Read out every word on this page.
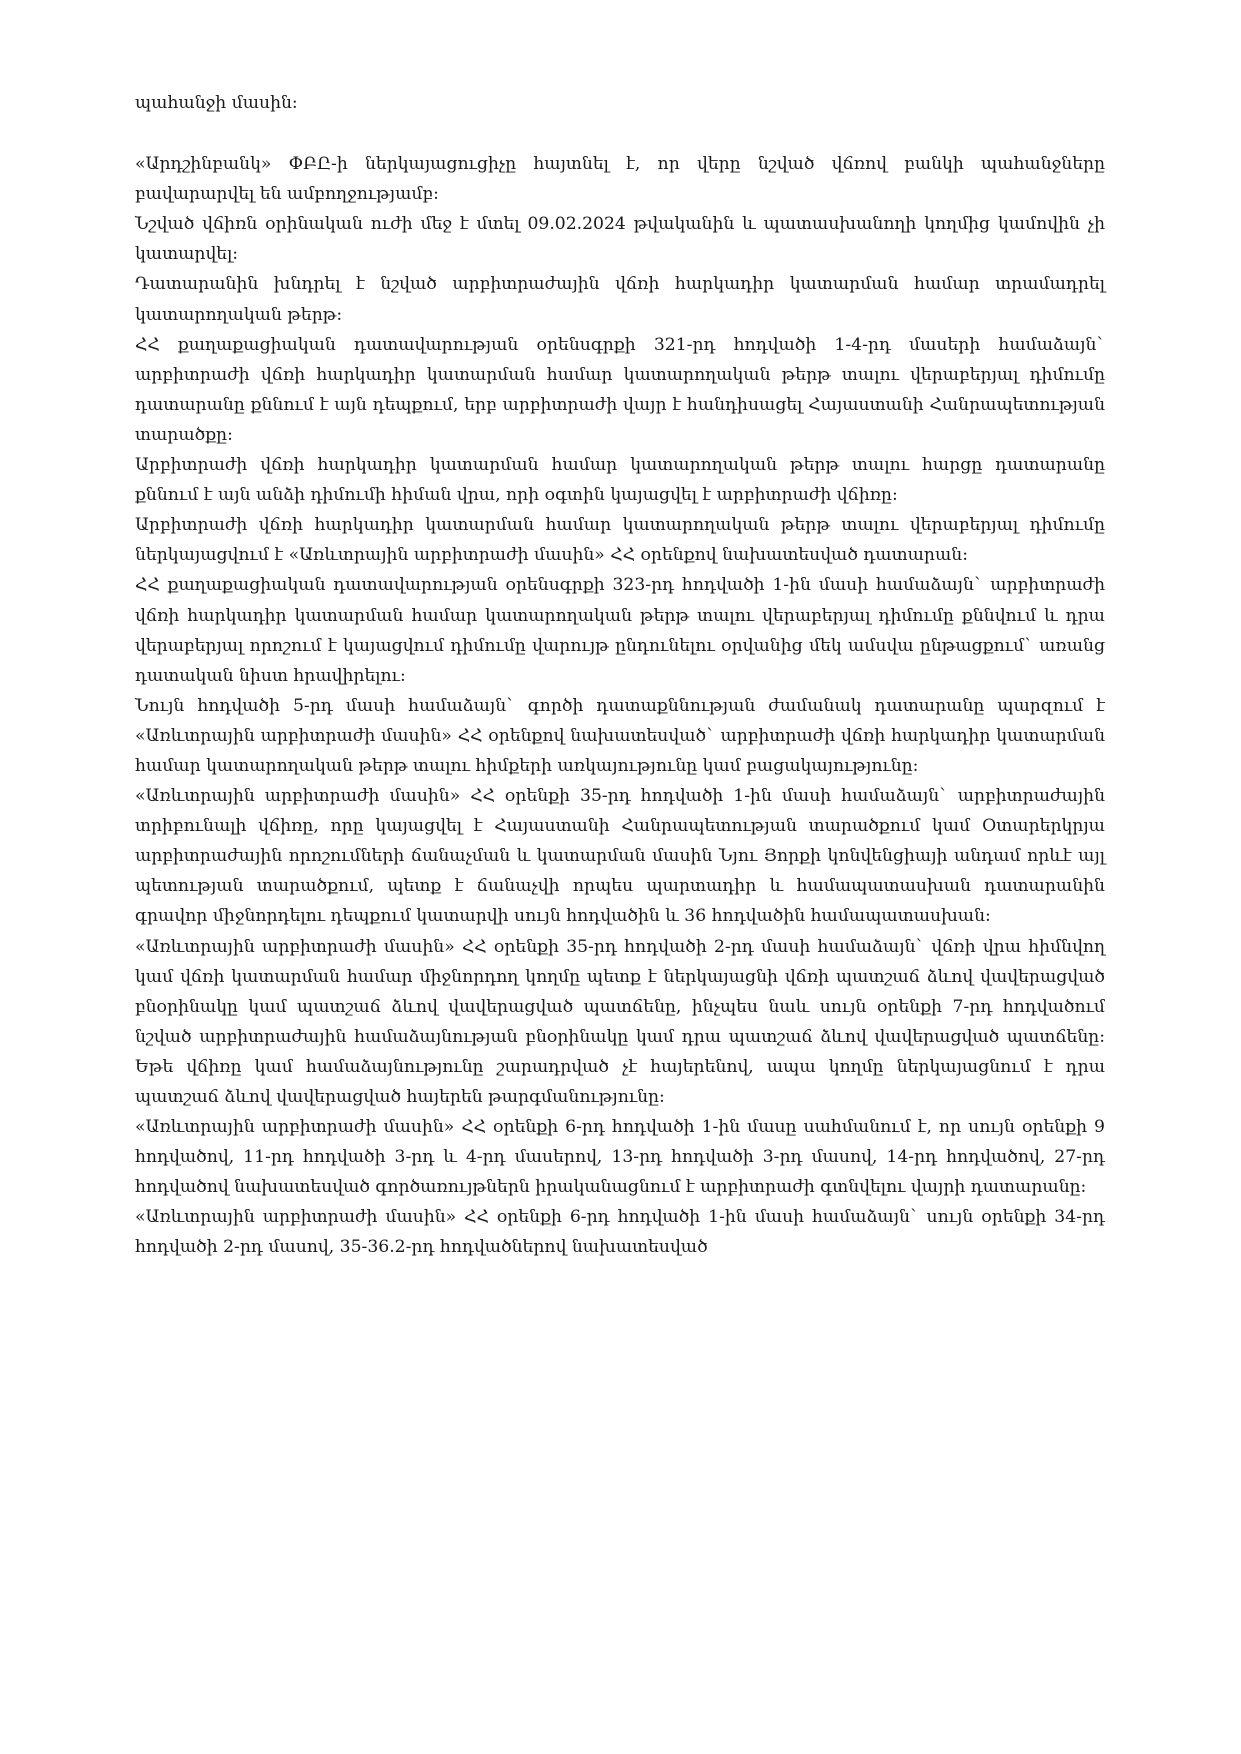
պահանջի մասին:

«Արդշինբանկ» ՓԲԸ-ի ներկայացուցիչը հայտնել է, որ վերը նշված վճռով բանկի պահանջները բավարարվել են ամբողջությամբ:

Նշված վճիռն օրինական ուժի մեջ է մտել 09.02.2024 թվականին և պատասխանողի կողմից կամովին չի կատարվել:

Դատարանին խնդրել է նշված արբիտրաժային վճռի հարկադիր կատարման համար տրամադրել կատարողական թերթ:

ՀՀ քաղաքացիական դատավարության օրենսգրքի 321-րդ հոդվածի 1-4-րդ մասերի համաձայն` արբիտրաժի վճռի հարկադիր կատարման համար կատարողական թերթ տալու վերաբերյալ դիմումը դատարանը քննում է այն դեպքում, երբ արբիտրաժի վայր է հանդիսացել Հայաստանի Հանրապետության տարածքը:

Արբիտրաժի վճռի հարկադիր կատարման համար կատարողական թերթ տալու հարցը դատարանը քննում է այն անձի դիմումի հիման վրա, որի օգտին կայացվել է արբիտրաժի վճիռը:

Արբիտրաժի վճռի հարկադիր կատարման համար կատարողական թերթ տալու վերաբերյալ դիմումը ներկայացվում է «Առևտրային արբիտրաժի մասին» ՀՀ օրենքով նախատեսված դատարան:

ՀՀ քաղաքացիական դատավարության օրենսգրքի 323-րդ հոդվածի 1-ին մասի համաձայն` արբիտրաժի վճռի հարկադիր կատարման համար կատարողական թերթ տալու վերաբերյալ դիմումը քննվում և դրա վերաբերյալ որոշում է կայացվում դիմումը վարույթ ընդունելու օրվանից մեկ ամսվա ընթացքում` առանց դատական նիստ հրավիրելու:

Նույն հոդվածի 5-րդ մասի համաձայն` գործի դատաքննության ժամանակ դատարանը պարզում է «Առևտրային արբիտրաժի մասին» ՀՀ օրենքով նախատեսված` արբիտրաժի վճռի հարկադիր կատարման համար կատարողական թերթ տալու հիմքերի առկայությունը կամ բացակայությունը:

«Առևտրային արբիտրաժի մասին» ՀՀ օրենքի 35-րդ հոդվածի 1-ին մասի համաձայն` արբիտրաժային տրիբունալի վճիռը, որը կայացվել է Հայաստանի Հանրապետության տարածքում կամ Օտարերկրյա արբիտրաժային որոշումների ճանաչման և կատարման մասին Նյու Յորքի կոնվենցիայի անդամ որևէ այլ պետության տարածքում, պետք է ճանաչվի որպես պարտադիր և համապատասխան դատարանին գրավոր միջնորդելու դեպքում կատարվի սույն հոդվածին և 36 հոդվածին համապատասխան:

«Առևտրային արբիտրաժի մասին» ՀՀ օրենքի 35-րդ հոդվածի 2-րդ մասի համաձայն` վճռի վրա հիմնվող կամ վճռի կատարման համար միջնորդող կողմը պետք է ներկայացնի վճռի պատշաճ ձևով վավերացված բնօրինակը կամ պատշաճ ձևով վավերացված պատճենը, ինչպես նաև սույն օրենքի 7-րդ հոդվածում նշված արբիտրաժային համաձայնության բնօրինակը կամ դրա պատշաճ ձևով վավերացված պատճենը: Եթե վճիռը կամ համաձայնությունը շարադրված չէ հայերենով, ապա կողմը ներկայացնում է դրա պատշաճ ձևով վավերացված հայերեն թարգմանությունը:

«Առևտրային արբիտրաժի մասին» ՀՀ օրենքի 6-րդ հոդվածի 1-ին մասը սահմանում է, որ սույն օրենքի 9 հոդվածով, 11-րդ հոդվածի 3-րդ և 4-րդ մասերով, 13-րդ հոդվածի 3-րդ մասով, 14-րդ հոդվածով, 27-րդ հոդվածով նախատեսված գործառույթներն իրականացնում է արբիտրաժի գտնվելու վայրի դատարանը:

«Առևտրային արբիտրաժի մասին» ՀՀ օրենքի 6-րդ հոդվածի 1-ին մասի համաձայն` սույն օրենքի 34-րդ հոդվածի 2-րդ մասով, 35-36.2-րդ հոդվածներով նախատեսված
